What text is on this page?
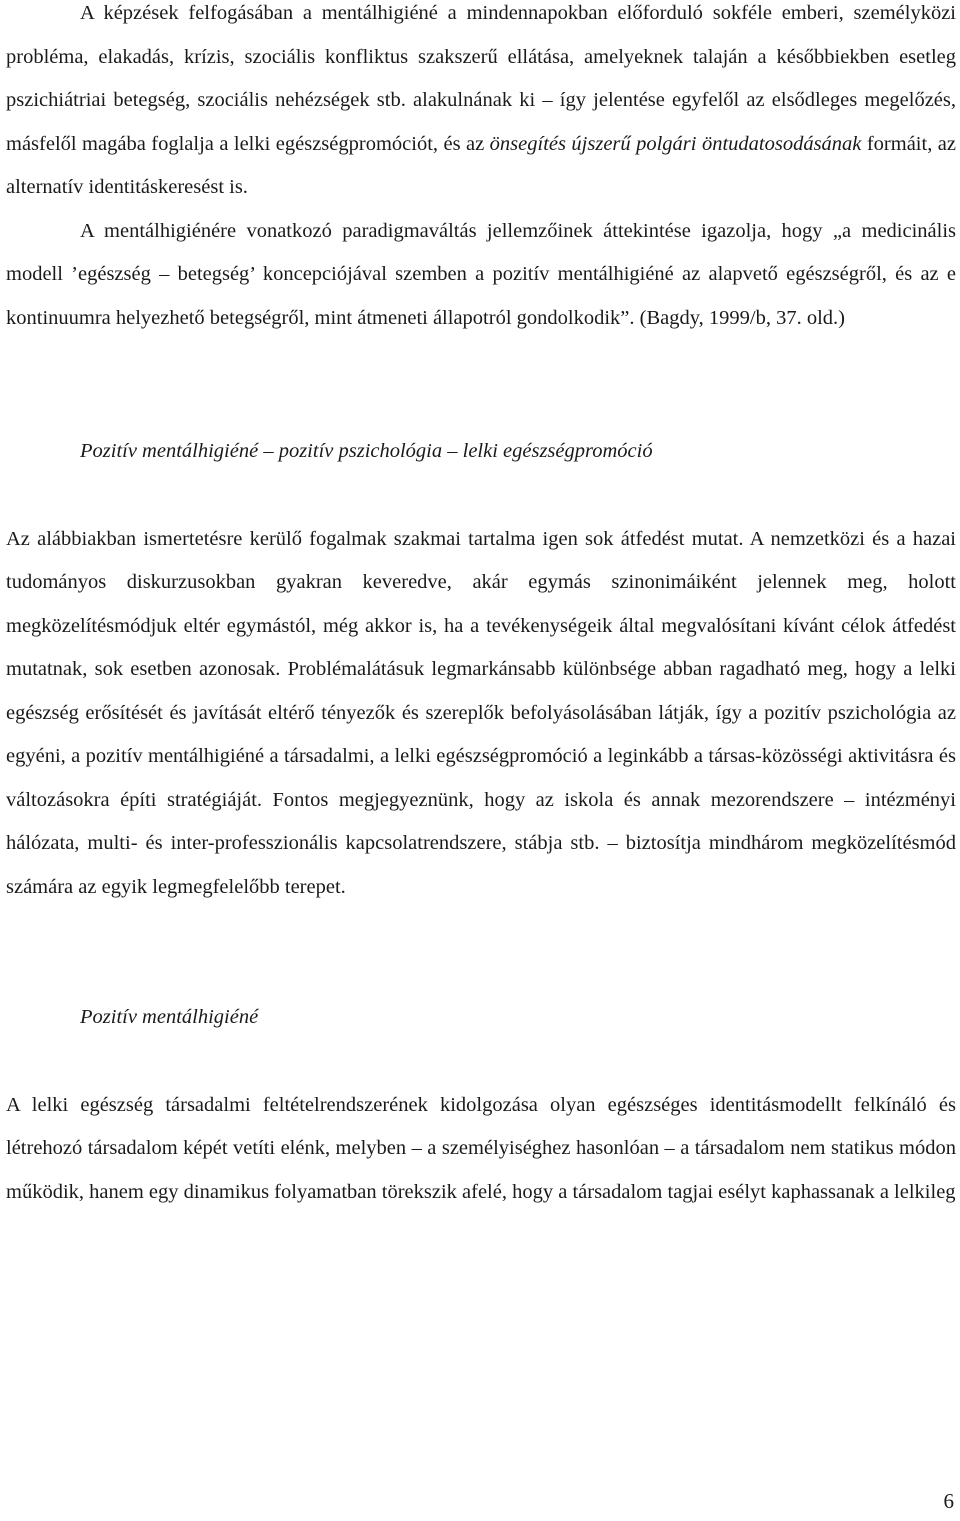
A képzések felfogásában a mentálhigiéné a mindennapokban előforduló sokféle emberi, személyközi probléma, elakadás, krízis, szociális konfliktus szakszerű ellátása, amelyeknek talaján a későbbiekben esetleg pszichiátriai betegség, szociális nehézségek stb. alakulnának ki – így jelentése egyfelől az elsődleges megelőzés, másfelől magába foglalja a lelki egészségpromóciót, és az önsegítés újszerű polgári öntudatosodásának formáit, az alternatív identitáskeresést is.

A mentálhigiénére vonatkozó paradigmaváltás jellemzőinek áttekintése igazolja, hogy „a medicinális modell ’egészség – betegség’ koncepciójával szemben a pozitív mentálhigiéné az alapvető egészségről, és az e kontinuumra helyezhető betegségről, mint átmeneti állapotról gondolkodik”. (Bagdy, 1999/b, 37. old.)

Pozitív mentálhigiéné – pozitív pszichológia – lelki egészségpromóció

Az alábbiakban ismertetésre kerülő fogalmak szakmai tartalma igen sok átfedést mutat. A nemzetközi és a hazai tudományos diskurzusokban gyakran keveredve, akár egymás szinonimáiként jelennek meg, holott megközelítésmódjuk eltér egymástól, még akkor is, ha a tevékenységeik által megvalósítani kívánt célok átfedést mutatnak, sok esetben azonosak. Problémalátásuk legmarkánsabb különbsége abban ragadható meg, hogy a lelki egészség erősítését és javítását eltérő tényezők és szereplők befolyásolásában látják, így a pozitív pszichológia az egyéni, a pozitív mentálhigiéné a társadalmi, a lelki egészségpromóció a leginkább a társas-közösségi aktivitásra és változásokra építi stratégiáját. Fontos megjegyeznünk, hogy az iskola és annak mezorendszere – intézményi hálózata, multi- és inter-professzionális kapcsolatrendszere, stábja stb. – biztosítja mindhárom megközelítésmód számára az egyik legmegfelelőbb terepet.

Pozitív mentálhigiéné

A lelki egészség társadalmi feltételrendszerének kidolgozása olyan egészséges identitásmodellt felkínáló és létrehozó társadalom képét vetíti elénk, melyben – a személyiséghez hasonlóan – a társadalom nem statikus módon működik, hanem egy dinamikus folyamatban törekszik afelé, hogy a társadalom tagjai esélyt kaphassanak a lelkileg

6
